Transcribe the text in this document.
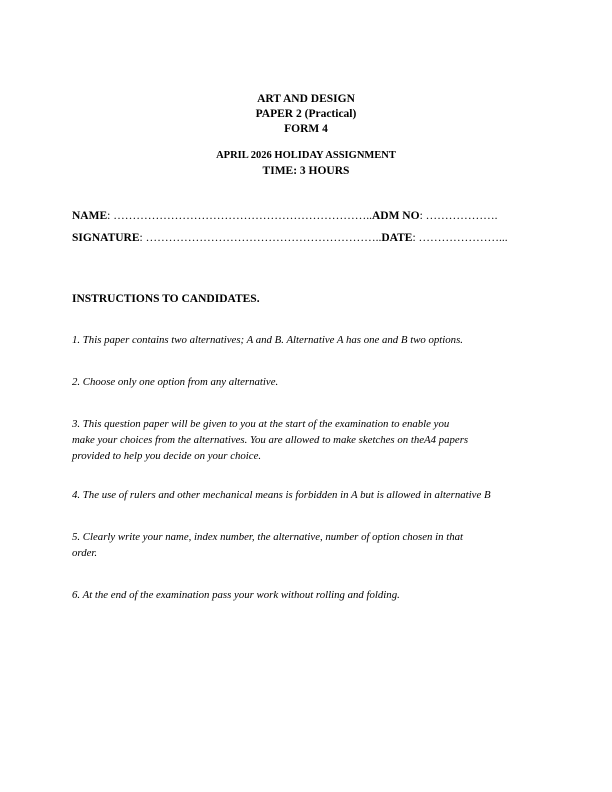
ART AND DESIGN
PAPER 2 (Practical)
FORM 4
APRIL 2026 HOLIDAY ASSIGNMENT
TIME: 3 HOURS
NAME: …………………………………………………………..ADM NO: ……………….
SIGNATURE: ……………………………………………………..DATE: …………………...
INSTRUCTIONS TO CANDIDATES.
1. This paper contains two alternatives; A and B. Alternative A has one and B two options.
2. Choose only one option from any alternative.
3. This question paper will be given to you at the start of the examination to enable you
make your choices from the alternatives. You are allowed to make sketches on theA4 papers
provided to help you decide on your choice.
4. The use of rulers and other mechanical means is forbidden in A but is allowed in alternative B
5. Clearly write your name, index number, the alternative, number of option chosen in that
order.
6. At the end of the examination pass your work without rolling and folding.
